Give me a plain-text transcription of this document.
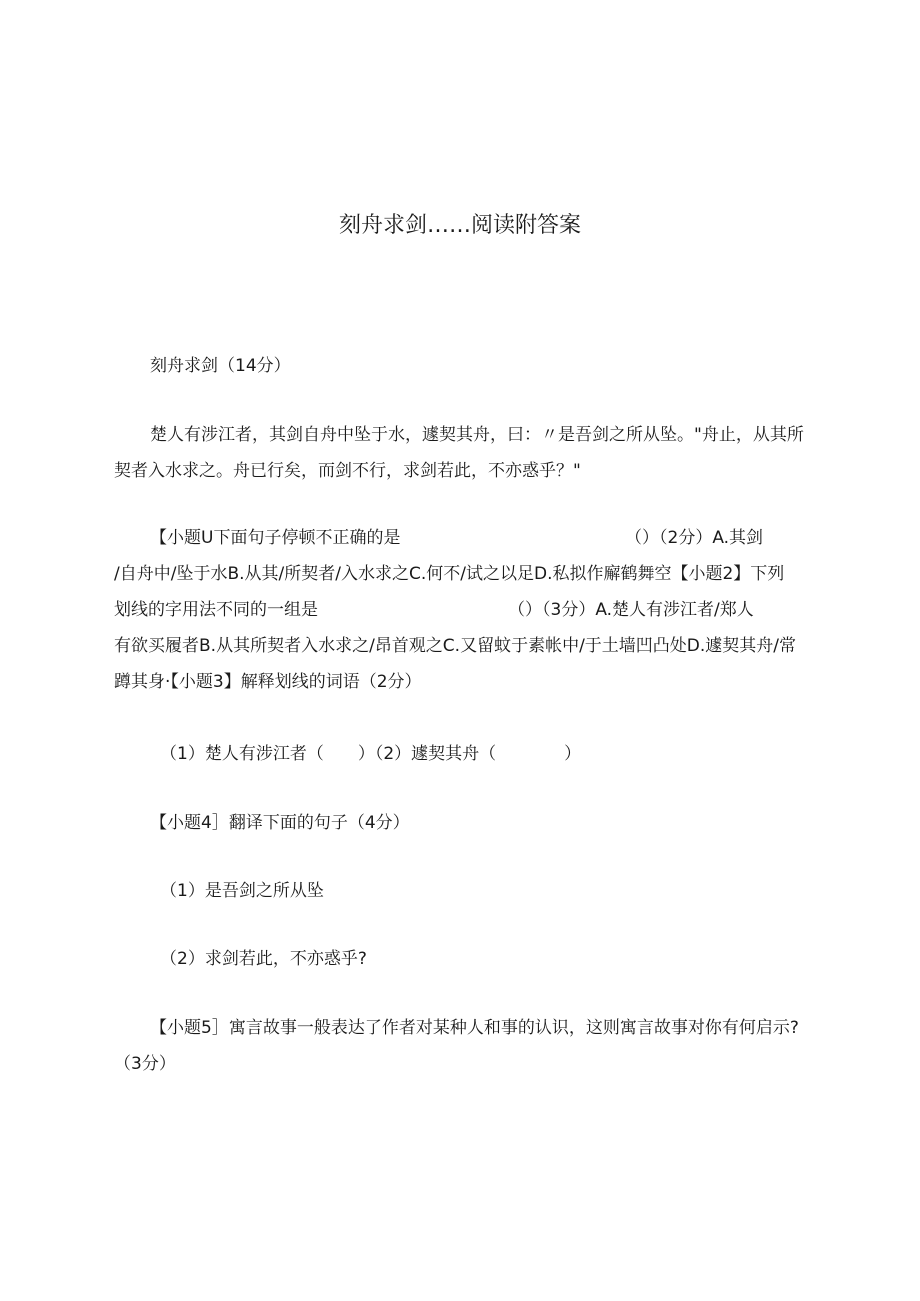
刻舟求剑……阅读附答案
刻舟求剑（14分）
楚人有涉江者，其剑自舟中坠于水，遽契其舟，曰：〃是吾剑之所从坠。"舟止，从其所
契者入水求之。舟已行矣，而剑不行，求剑若此，不亦惑乎？"
【小题U下面句子停顿不正确的是	（）（2分）A.其剑
/自舟中/坠于水B.从其/所契者/入水求之C.何不/试之以足D.私拟作廨鹤舞空【小题2】下列
划线的字用法不同的一组是	（）（3分）A.楚人有涉江者/郑人
有欲买履者B.从其所契者入水求之/昂首观之C.又留蚊于素帐中/于土墙凹凸处D.遽契其舟/常
蹲其身·【小题3】解释划线的词语（2分）
（1）楚人有涉江者（　　）（2）遽契其舟（　　　　）
【小题4］翻译下面的句子（4分）
（1）是吾剑之所从坠
（2）求剑若此，不亦惑乎?
【小题5］寓言故事一般表达了作者对某种人和事的认识，这则寓言故事对你有何启示?
（3分）
